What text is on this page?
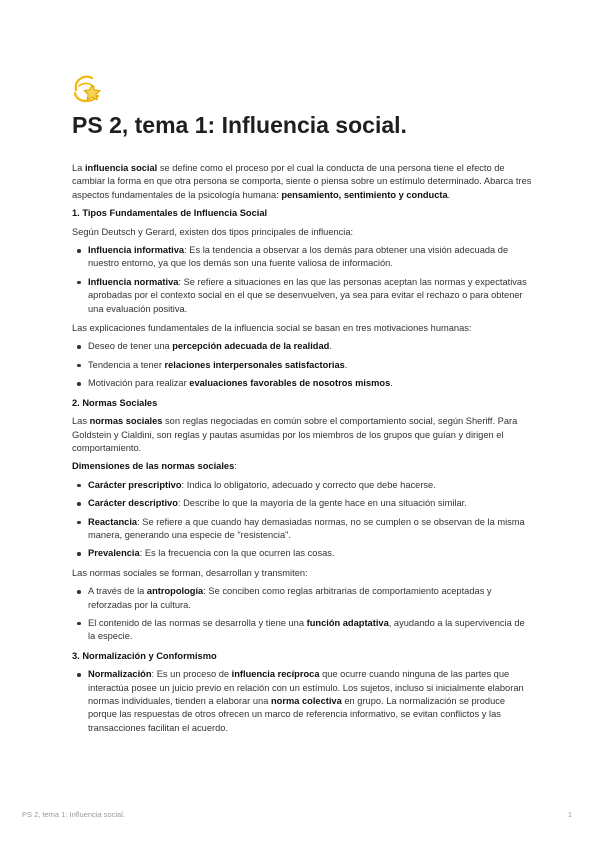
PS 2, tema 1: Influencia social.

La influencia social se define como el proceso por el cual la conducta de una persona tiene el efecto de cambiar la forma en que otra persona se comporta, siente o piensa sobre un estímulo determinado. Abarca tres aspectos fundamentales de la psicología humana: pensamiento, sentimiento y conducta.

1. Tipos Fundamentales de Influencia Social

Según Deutsch y Gerard, existen dos tipos principales de influencia:

Influencia informativa: Es la tendencia a observar a los demás para obtener una visión adecuada de nuestro entorno, ya que los demás son una fuente valiosa de información.
Influencia normativa: Se refiere a situaciones en las que las personas aceptan las normas y expectativas aprobadas por el contexto social en el que se desenvuelven, ya sea para evitar el rechazo o para obtener una evaluación positiva.

Las explicaciones fundamentales de la influencia social se basan en tres motivaciones humanas:

Deseo de tener una percepción adecuada de la realidad.
Tendencia a tener relaciones interpersonales satisfactorias.
Motivación para realizar evaluaciones favorables de nosotros mismos.

2. Normas Sociales

Las normas sociales son reglas negociadas en común sobre el comportamiento social, según Sheriff. Para Goldstein y Cialdini, son reglas y pautas asumidas por los miembros de los grupos que guían y dirigen el comportamiento.

Dimensiones de las normas sociales:

Carácter prescriptivo: Indica lo obligatorio, adecuado y correcto que debe hacerse.
Carácter descriptivo: Describe lo que la mayoría de la gente hace en una situación similar.
Reactancia: Se refiere a que cuando hay demasiadas normas, no se cumplen o se observan de la misma manera, generando una especie de "resistencia".
Prevalencia: Es la frecuencia con la que ocurren las cosas.

Las normas sociales se forman, desarrollan y transmiten:

A través de la antropología: Se conciben como reglas arbitrarias de comportamiento aceptadas y reforzadas por la cultura.
El contenido de las normas se desarrolla y tiene una función adaptativa, ayudando a la supervivencia de la especie.

3. Normalización y Conformismo

Normalización: Es un proceso de influencia recíproca que ocurre cuando ninguna de las partes que interactúa posee un juicio previo en relación con un estímulo. Los sujetos, incluso si inicialmente elaboran normas individuales, tienden a elaborar una norma colectiva en grupo. La normalización se produce porque las respuestas de otros ofrecen un marco de referencia informativo, se evitan conflictos y las transacciones facilitan el acuerdo.
PS 2, tema 1: Influencia social.	1
